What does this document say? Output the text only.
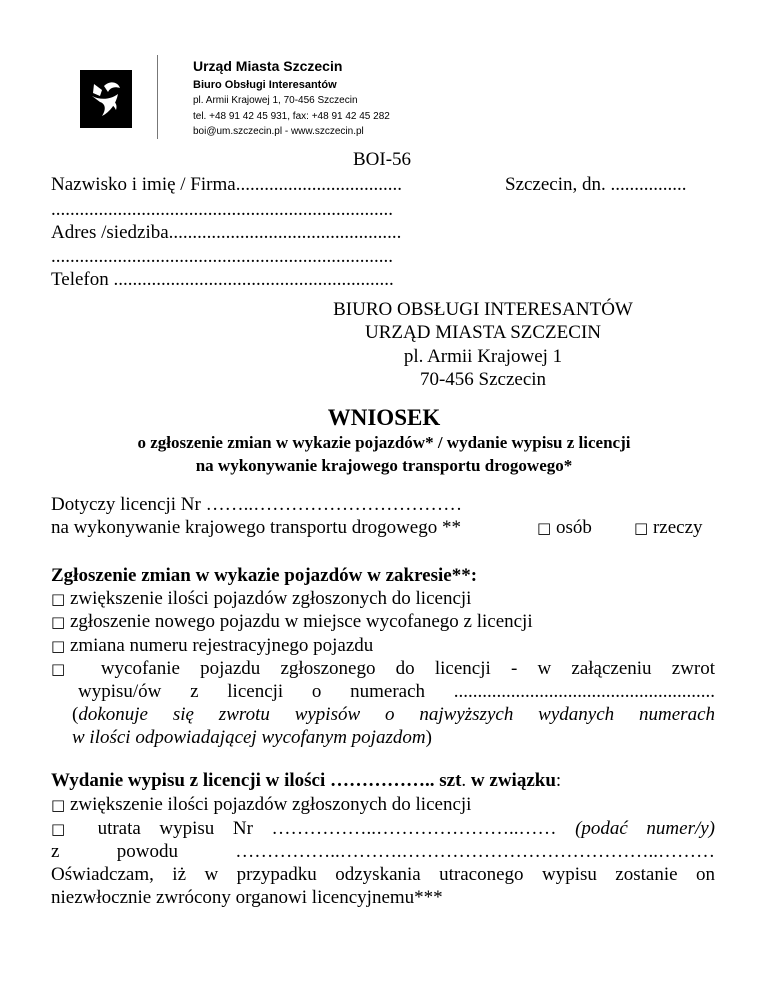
Urząd Miasta Szczecin
Biuro Obsługi Interesantów
pl. Armii Krajowej 1, 70-456 Szczecin
tel. +48 91 42 45 931, fax: +48 91 42 45 282
boi@um.szczecin.pl - www.szczecin.pl
BOI-56
Nazwisko i imię / Firma...................................	Szczecin, dn. ................
........................................................................
Adres /siedziba.................................................
........................................................................
Telefon ...........................................................
BIURO OBSŁUGI INTERESANTÓW
URZĄD MIASTA SZCZECIN
pl. Armii Krajowej 1
70-456 Szczecin
WNIOSEK
o zgłoszenie zmian w wykazie pojazdów* / wydanie wypisu z licencji
na wykonywanie krajowego transportu drogowego*
Dotyczy licencji Nr ……..……………………………
na wykonywanie krajowego transportu drogowego **	□ osób	□ rzeczy
Zgłoszenie zmian w wykazie pojazdów w zakresie**:
□ zwiększenie ilości pojazdów zgłoszonych do licencji
□ zgłoszenie nowego pojazdu w miejsce wycofanego z licencji
□ zmiana numeru rejestracyjnego pojazdu
□ wycofanie pojazdu zgłoszonego do licencji - w załączeniu zwrot
wypisu/ów z licencji o numerach .......................................................
(dokonuje się zwrotu wypisów o najwyższych wydanych numerach
w ilości odpowiadającej wycofanym pojazdom)
Wydanie wypisu z licencji w ilości …………….. szt. w związku:
□ zwiększenie ilości pojazdów zgłoszonych do licencji
□ utrata wypisu Nr ……………..…………………..…… (podać numer/y)
z powodu ……………..……….…………………………………..………
Oświadczam, iż w przypadku odzyskania utraconego wypisu zostanie on
niezwłocznie zwrócony organowi licencyjnemu***
